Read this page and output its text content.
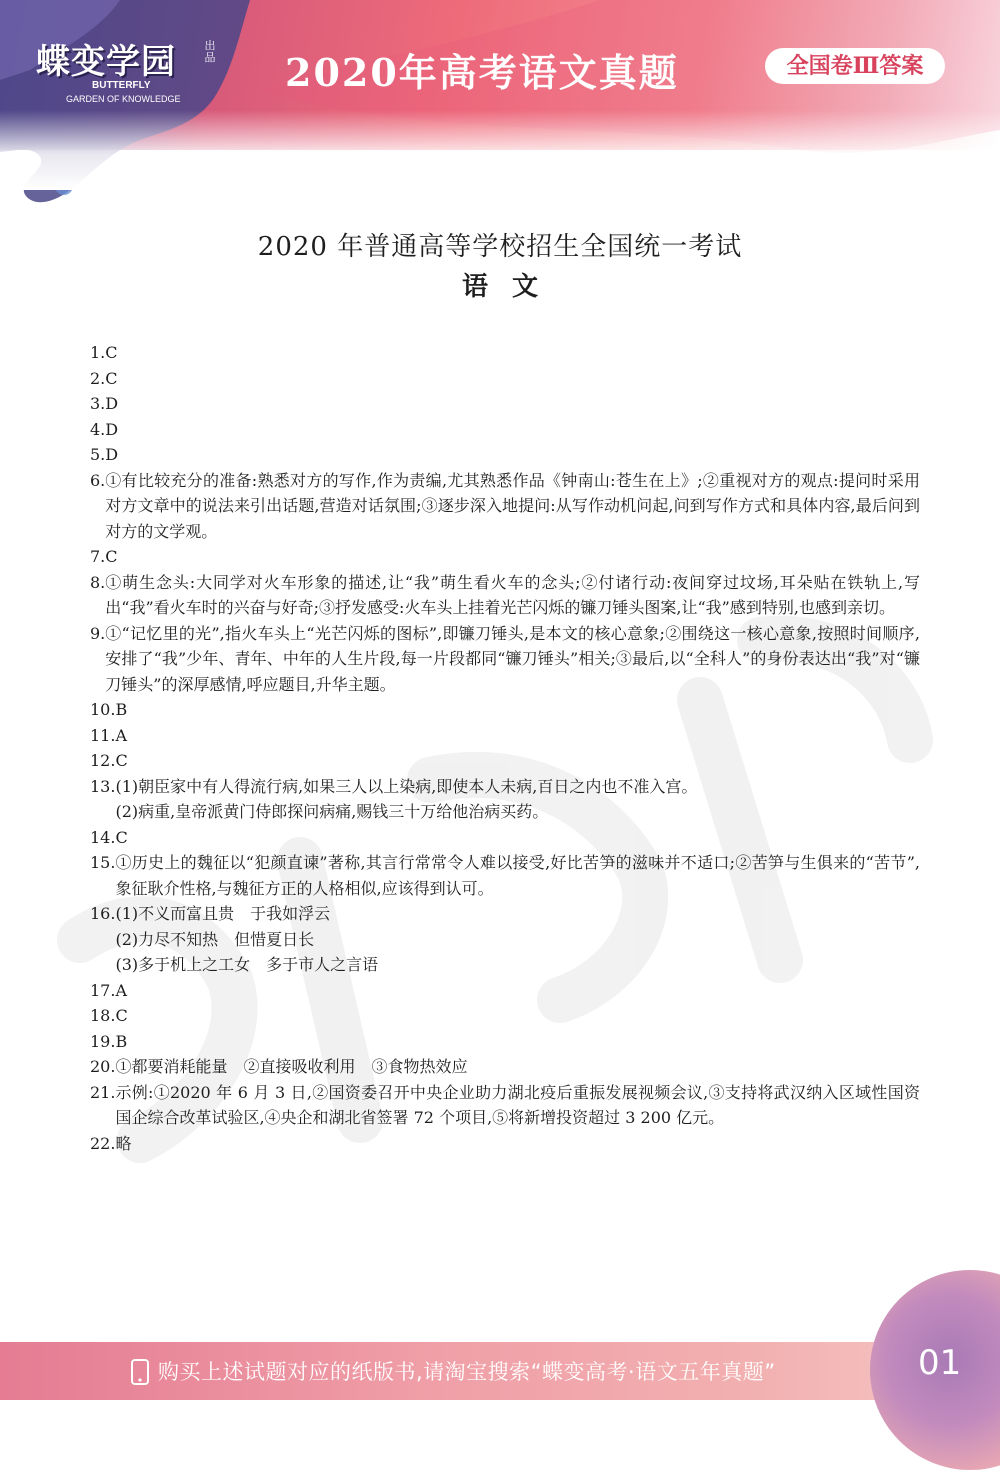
蝶变学园	出品
BUTTERFLY
GARDEN OF KNOWLEDGE
2020年高考语文真题	全国卷Ⅲ答案
2020 年普通高等学校招生全国统一考试
语文
1. C
2. C
3. D
4. D
5. D
6. ①有比较充分的准备:熟悉对方的写作,作为责编,尤其熟悉作品《钟南山:苍生在上》;②重视对方的观点:提问时采用对方文章中的说法来引出话题,营造对话氛围;③逐步深入地提问:从写作动机问起,问到写作方式和具体内容,最后问到对方的文学观。
7. C
8. ①萌生念头:大同学对火车形象的描述,让“我”萌生看火车的念头;②付诸行动:夜间穿过坟场,耳朵贴在铁轨上,写出“我”看火车时的兴奋与好奇;③抒发感受:火车头上挂着光芒闪烁的镰刀锤头图案,让“我”感到特别,也感到亲切。
9. ①“记忆里的光”,指火车头上“光芒闪烁的图标”,即镰刀锤头,是本文的核心意象;②围绕这一核心意象,按照时间顺序,安排了“我”少年、青年、中年的人生片段,每一片段都同“镰刀锤头”相关;③最后,以“全科人”的身份表达出“我”对“镰刀锤头”的深厚感情,呼应题目,升华主题。
10. B
11. A
12. C
13. (1)朝臣家中有人得流行病,如果三人以上染病,即使本人未病,百日之内也不准入宫。
(2)病重,皇帝派黄门侍郎探问病痛,赐钱三十万给他治病买药。
14. C
15. ①历史上的魏征以“犯颜直谏”著称,其言行常常令人难以接受,好比苦笋的滋味并不适口;②苦笋与生俱来的“苦节”,象征耿介性格,与魏征方正的人格相似,应该得到认可。
16. (1)不义而富且贵　于我如浮云
(2)力尽不知热　但惜夏日长
(3)多于机上之工女　多于市人之言语
17. A
18. C
19. B
20. ①都要消耗能量　②直接吸收利用　③食物热效应
21. 示例:①2020 年 6 月 3 日,②国资委召开中央企业助力湖北疫后重振发展视频会议,③支持将武汉纳入区域性国资国企综合改革试验区,④央企和湖北省签署 72 个项目,⑤将新增投资超过 3 200 亿元。
22. 略
购买上述试题对应的纸版书,请淘宝搜索“蝶变高考·语文五年真题”	01
